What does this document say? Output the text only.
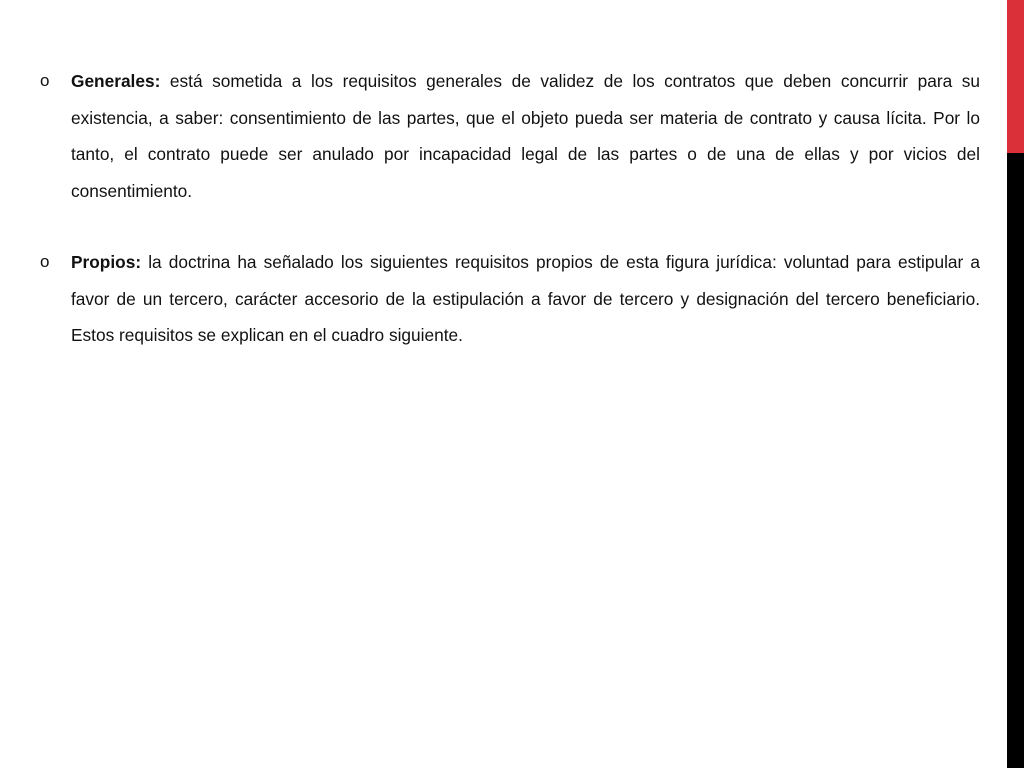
o Generales: está sometida a los requisitos generales de validez de los contratos que deben concurrir para su existencia, a saber: consentimiento de las partes, que el objeto pueda ser materia de contrato y causa lícita. Por lo tanto, el contrato puede ser anulado por incapacidad legal de las partes o de una de ellas y por vicios del consentimiento.

o Propios: la doctrina ha señalado los siguientes requisitos propios de esta figura jurídica: voluntad para estipular a favor de un tercero, carácter accesorio de la estipulación a favor de tercero y designación del tercero beneficiario. Estos requisitos se explican en el cuadro siguiente.
